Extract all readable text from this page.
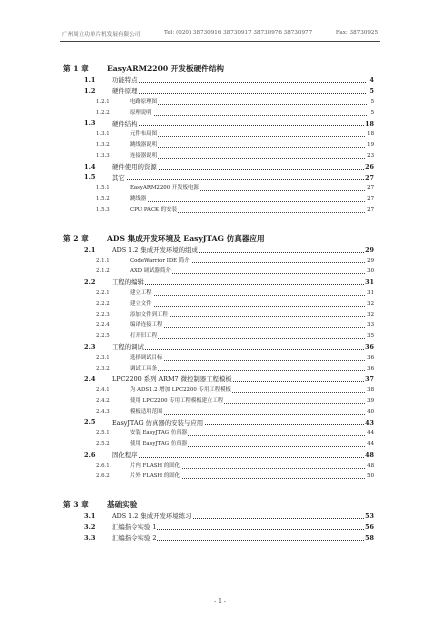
广州周立功单片机发展有限公司	Tel: (020) 38730916 38730917 38730976 38730977	Fax: 38730925
第 1 章 EasyARM2200 开发板硬件结构
1.1	功能特点	4
1.2	硬件原理	5
1.2.1	电路原理图	5
1.2.2	原理说明	5
1.3	硬件结构	18
1.3.1	元件布局图	18
1.3.2	跳线器说明	19
1.3.3	连接器说明	23
1.4	硬件使用的资源	26
1.5	其它	27
1.5.1	EasyARM2200 开发板电源	27
1.5.2	跳线器	27
1.5.3	CPU PACK 的安装	27
第 2 章 ADS 集成开发环境及 EasyJTAG 仿真器应用
2.1	ADS 1.2 集成开发环境的组成	29
2.1.1	CodeWarrior IDE 简介	29
2.1.2	AXD 调试器简介	30
2.2	工程的编辑	31
2.2.1	建立工程	31
2.2.2	建立文件	32
2.2.3	添加文件到工程	32
2.2.4	编译连接工程	33
2.2.5	打开旧工程	35
2.3	工程的调试	36
2.3.1	选择调试目标	36
2.3.2	调试工具条	36
2.4	LPC2200 系列 ARM7 微控制器工程模板	37
2.4.1	为 ADS1.2 增加 LPC2200 专用工程模板	38
2.4.2	使用 LPC2200 专用工程模板建立工程	39
2.4.3	模板适用范围	40
2.5	EasyJTAG 仿真器的安装与应用	43
2.5.1	安装 EasyJTAG 仿真器	44
2.5.2	使用 EasyJTAG 仿真器	44
2.6	固化程序	48
2.6.1	片内 FLASH 的固化	48
2.6.2	片外 FLASH 的固化	50
第 3 章 基础实验
3.1	ADS 1.2 集成开发环境练习	53
3.2	汇编指令实验 1	56
3.3	汇编指令实验 2	58
- 1 -
